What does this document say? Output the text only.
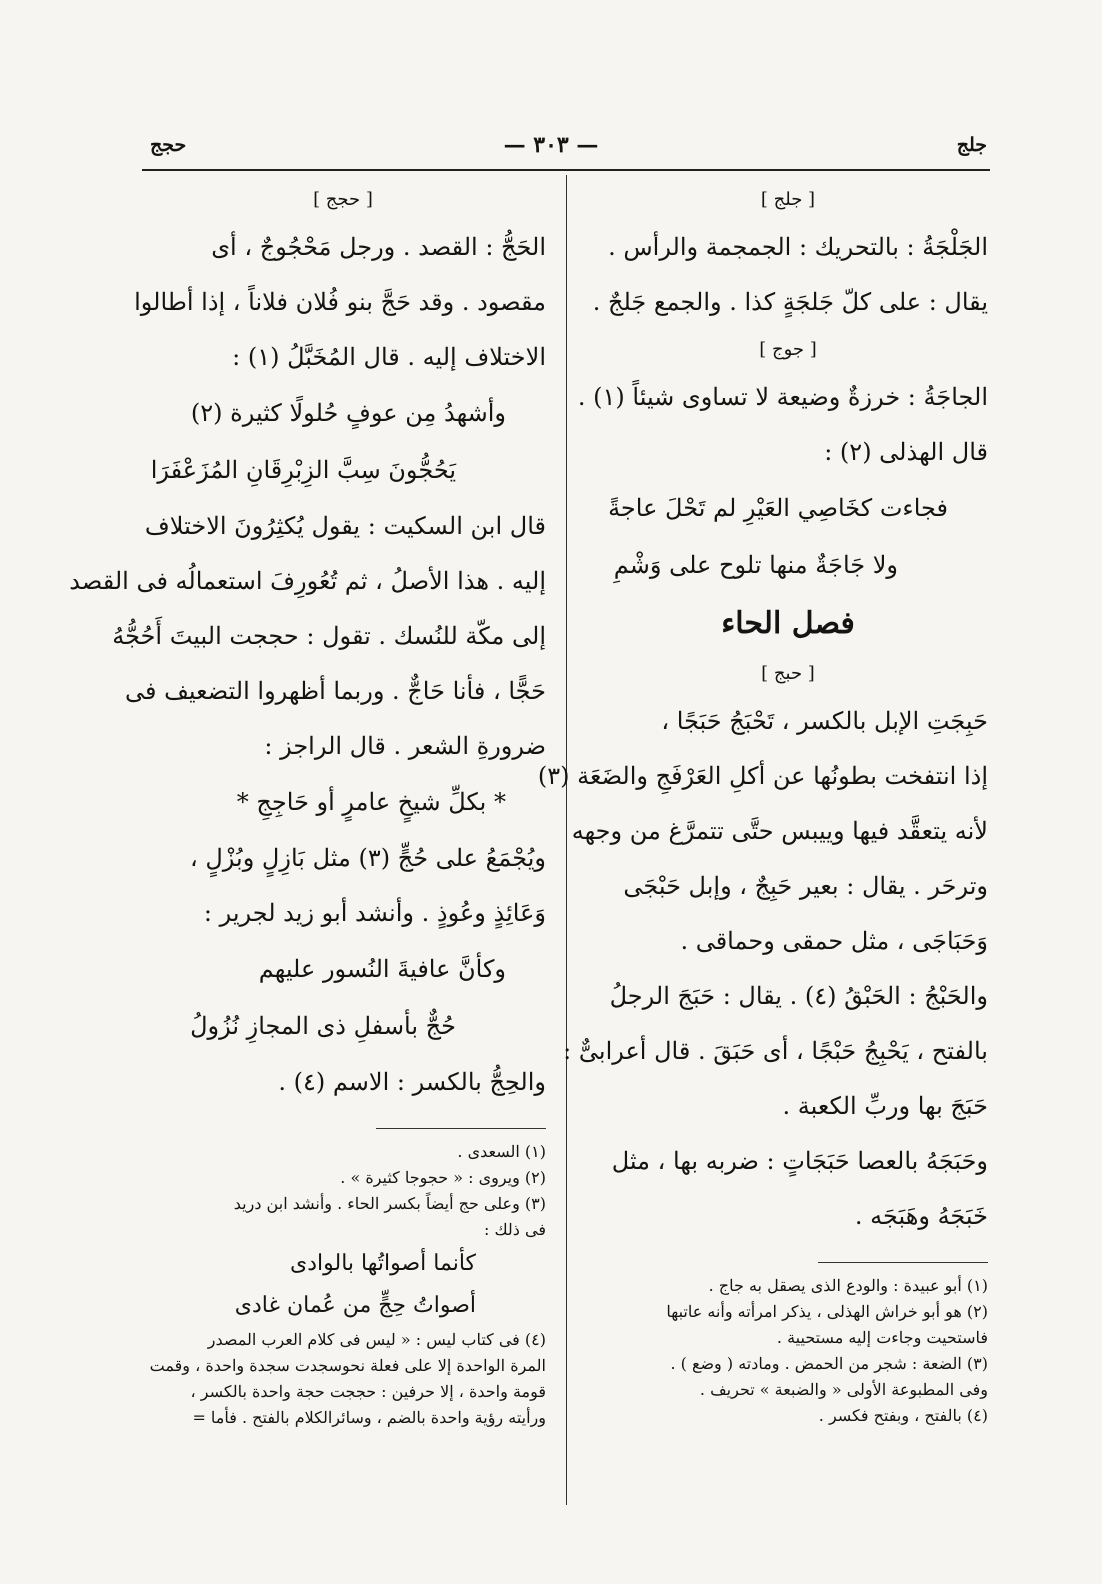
حجج	— ٣٠٣ —	جلج
[ جلج ]
الجَلْجَةُ : بالتحريك : الجمجمة والرأس .
يقال : على كلّ جَلجَةٍ كذا . والجمع جَلجٌ .
[ جوج ]
الجاجَةُ : خرزةٌ وضيعة لا تساوى شيئاً (١) .
قال الهذلى (٢) :
فجاءت كخَاصِي العَيْرِ لم تَحْلَ عاجةً
ولا جَاجَةٌ منها تلوح على وَشْمِ
فصل الحاء
[ حبج ]
حَبِجَتِ الإبل بالكسر ، تَحْبَجُ حَبَجًا ،
إذا انتفخت بطونُها عن أكلِ العَرْفَجِ والضَعَة (٣)
لأنه يتعقَّد فيها وييبس حتَّى تتمرَّغ من وجهه
وترحَر . يقال : بعير حَبِجٌ ، وإبل حَبْجَى
وَحَبَاجَى ، مثل حمقى وحماقى .
والحَبْجُ : الحَبْقُ (٤) . يقال : حَبَجَ الرجلُ
بالفتح ، يَحْبِجُ حَبْجًا ، أى حَبَقَ . قال أعرابىٌّ :
حَبَجَ بها وربِّ الكعبة .
وحَبَجَهُ بالعصا حَبَجَاتٍ : ضربه بها ، مثل
خَبَجَهُ وهَبَجَه .
(١) أبو عبيدة : والودع الذى يصقل به جاج .
(٢) هو أبو خراش الهذلى ، يذكر امرأته وأنه عاتبها
فاستحيت وجاءت إليه مستحيية .
(٣) الضعة : شجر من الحمض . ومادته ( وضع ) .
وفى المطبوعة الأولى « والضبعة » تحريف .
(٤) بالفتح ، وبفتح فكسر .
[ حجج ]
الحَجُّ : القصد . ورجل مَحْجُوجٌ ، أى
مقصود . وقد حَجَّ بنو فُلان فلاناً ، إذا أطالوا
الاختلاف إليه . قال المُخَبَّلُ (١) :
وأشهدُ مِن عوفٍ حُلولًا كثيرة (٢)
يَحُجُّونَ سِبَّ الزِبْرِقَانِ المُزَعْفَرَا
قال ابن السكيت : يقول يُكثِرُونَ الاختلاف
إليه . هذا الأصلُ ، ثم تُعُورِفَ استعمالُه فى القصد
إلى مكّة للنُسك . تقول : حججت البيتَ أَحُجُّهُ
حَجًّا ، فأنا حَاجٌّ . وربما أظهروا التضعيف فى
ضرورةِ الشعر . قال الراجز :
* بكلِّ شيخٍ عامرٍ أو حَاجِجِ *
ويُجْمَعُ على حُجٍّ (٣) مثل بَازِلٍ وبُزْلٍ ،
وَعَائِذٍ وعُوذٍ . وأنشد أبو زيد لجرير :
وكأنَّ عافيةَ النُسور عليهم
حُجٌّ بأسفلِ ذى المجازِ نُزُولُ
والحِجُّ بالكسر : الاسم (٤) .
(١) السعدى .
(٢) ويروى : « حجوجا كثيرة » .
(٣) وعلى حج أيضاً بكسر الحاء . وأنشد ابن دريد
فى ذلك :
كأنما أصواتُها بالوادى
أصواتُ حِجٍّ من عُمان غادى
(٤) فى كتاب ليس : « ليس فى كلام العرب المصدر
المرة الواحدة إلا على فعلة نحوسجدت سجدة واحدة ، وقمت
قومة واحدة ، إلا حرفين : حججت حجة واحدة بالكسر ،
ورأيته رؤية واحدة بالضم ، وسائرالكلام بالفتح . فأما =
